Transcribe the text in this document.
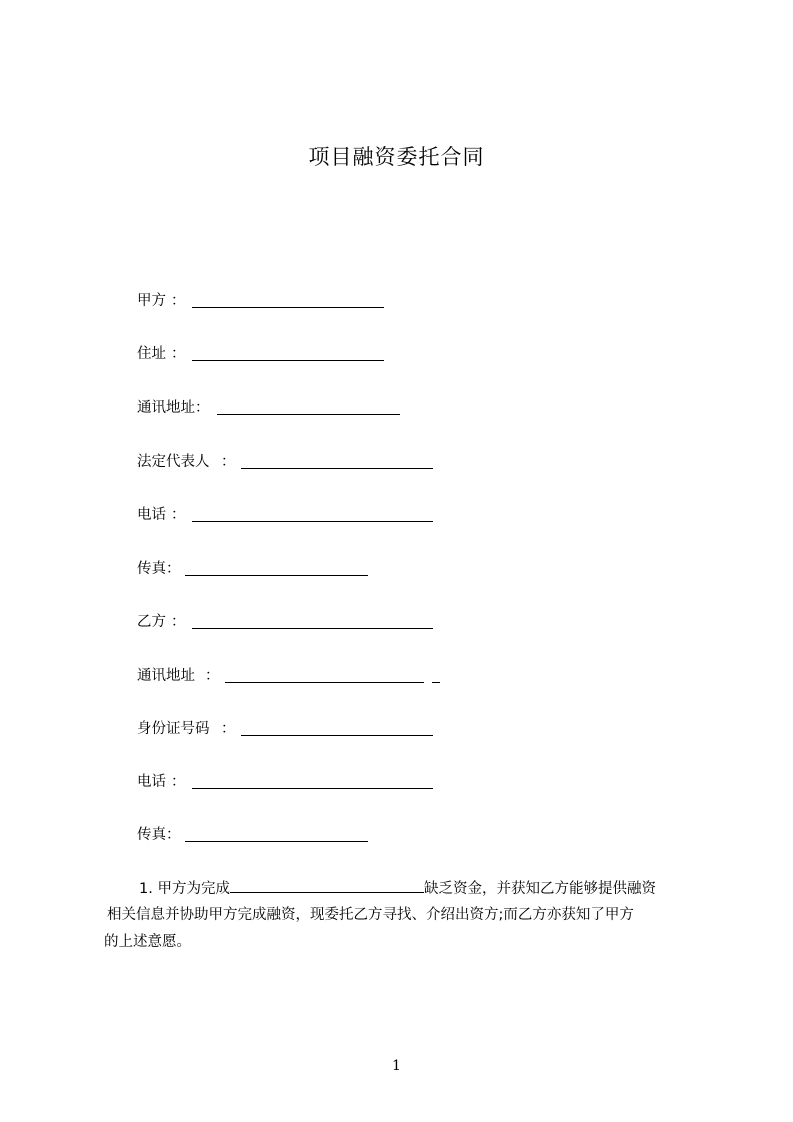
项目融资委托合同
甲方 ：
住址 ：
通讯地址：
法定代表人 ：
电话 ：
传真：
乙方 ：
通讯地址 ：
身份证号码 ：
电话 ：
传真：
1. 甲方为完成	缺乏资金，并获知乙方能够提供融资
相关信息并协助甲方完成融资，现委托乙方寻找、介绍出资方;而乙方亦获知了甲方
的上述意愿。
1
